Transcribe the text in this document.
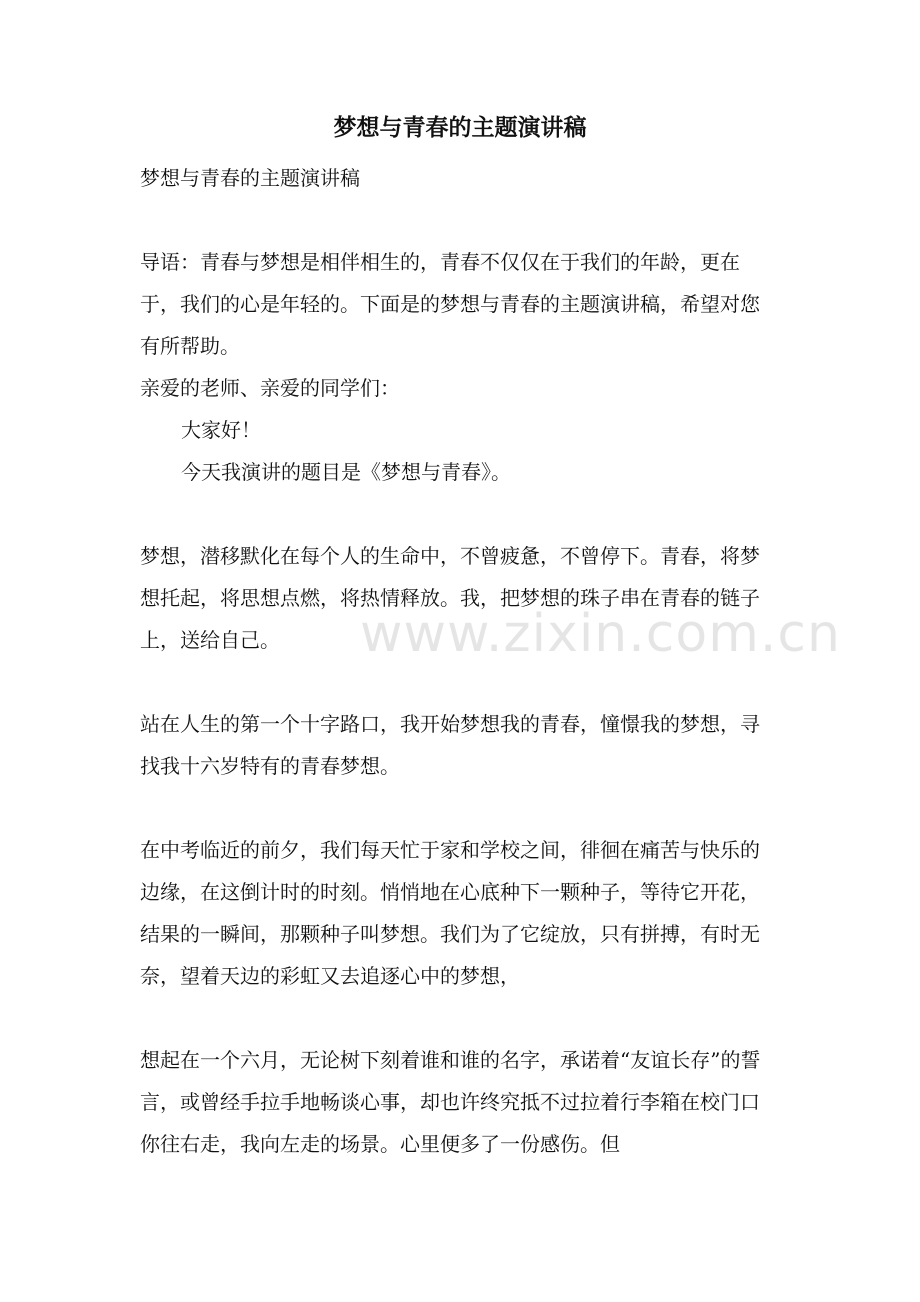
梦想与青春的主题演讲稿

梦想与青春的主题演讲稿

导语：青春与梦想是相伴相生的，青春不仅仅在于我们的年龄，更在于，我们的心是年轻的。下面是的梦想与青春的主题演讲稿，希望对您有所帮助。

亲爱的老师、亲爱的同学们：

大家好！

今天我演讲的题目是《梦想与青春》。

梦想，潜移默化在每个人的生命中，不曾疲惫，不曾停下。青春，将梦想托起，将思想点燃，将热情释放。我，把梦想的珠子串在青春的链子上，送给自己。

站在人生的第一个十字路口，我开始梦想我的青春，憧憬我的梦想，寻找我十六岁特有的青春梦想。

在中考临近的前夕，我们每天忙于家和学校之间，徘徊在痛苦与快乐的边缘，在这倒计时的时刻。悄悄地在心底种下一颗种子，等待它开花，结果的一瞬间，那颗种子叫梦想。我们为了它绽放，只有拼搏，有时无奈，望着天边的彩虹又去追逐心中的梦想，

想起在一个六月，无论树下刻着谁和谁的名字，承诺着“友谊长存”的誓言，或曾经手拉手地畅谈心事，却也许终究抵不过拉着行李箱在校门口你往右走，我向左走的场景。心里便多了一份感伤。但

www.zixin.com.cn
